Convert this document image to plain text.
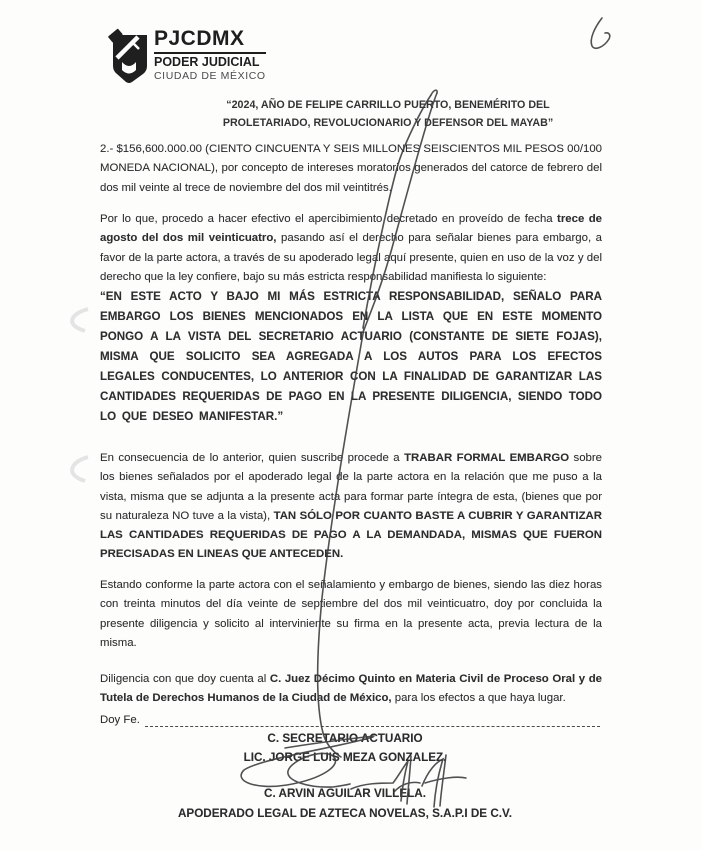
PJCDMX
PODER JUDICIAL
CIUDAD DE MÉXICO
“2024, AÑO DE FELIPE CARRILLO PUERTO, BENEMÉRITO DEL
PROLETARIADO, REVOLUCIONARIO Y DEFENSOR DEL MAYAB”
2.- $156,600.000.00 (CIENTO CINCUENTA Y SEIS MILLONES SEISCIENTOS MIL PESOS 00/100 MONEDA NACIONAL), por concepto de intereses moratorios generados del catorce de febrero del dos mil veinte al trece de noviembre del dos mil veintitrés.
Por lo que, procedo a hacer efectivo el apercibimiento decretado en proveído de fecha trece de agosto del dos mil veinticuatro, pasando así el derecho para señalar bienes para embargo, a favor de la parte actora, a través de su apoderado legal aquí presente, quien en uso de la voz y del derecho que la ley confiere, bajo su más estricta responsabilidad manifiesta lo siguiente:
“EN ESTE ACTO Y BAJO MI MÁS ESTRICTA RESPONSABILIDAD, SEÑALO PARA EMBARGO LOS BIENES MENCIONADOS EN LA LISTA QUE EN ESTE MOMENTO PONGO A LA VISTA DEL SECRETARIO ACTUARIO (CONSTANTE DE SIETE FOJAS), MISMA QUE SOLICITO SEA AGREGADA A LOS AUTOS PARA LOS EFECTOS LEGALES CONDUCENTES, LO ANTERIOR CON LA FINALIDAD DE GARANTIZAR LAS CANTIDADES REQUERIDAS DE PAGO EN LA PRESENTE DILIGENCIA, SIENDO TODO LO QUE DESEO MANIFESTAR.”
En consecuencia de lo anterior, quien suscribe procede a TRABAR FORMAL EMBARGO sobre los bienes señalados por el apoderado legal de la parte actora en la relación que me puso a la vista, misma que se adjunta a la presente acta para formar parte íntegra de esta, (bienes que por su naturaleza NO tuve a la vista), TAN SÓLO POR CUANTO BASTE A CUBRIR Y GARANTIZAR LAS CANTIDADES REQUERIDAS DE PAGO A LA DEMANDADA, MISMAS QUE FUERON PRECISADAS EN LINEAS QUE ANTECEDEN.
Estando conforme la parte actora con el señalamiento y embargo de bienes, siendo las diez horas con treinta minutos del día veinte de septiembre del dos mil veinticuatro, doy por concluida la presente diligencia y solicito al interviniente su firma en la presente acta, previa lectura de la misma.
Diligencia con que doy cuenta al C. Juez Décimo Quinto en Materia Civil de Proceso Oral y de Tutela de Derechos Humanos de la Ciudad de México, para los efectos a que haya lugar.
Doy Fe.
C. SECRETARIO ACTUARIO
LIC. JORGE LUIS MEZA GONZALEZ.
C. ARVIN AGUILAR VILLELA.
APODERADO LEGAL DE AZTECA NOVELAS, S.A.P.I DE C.V.
